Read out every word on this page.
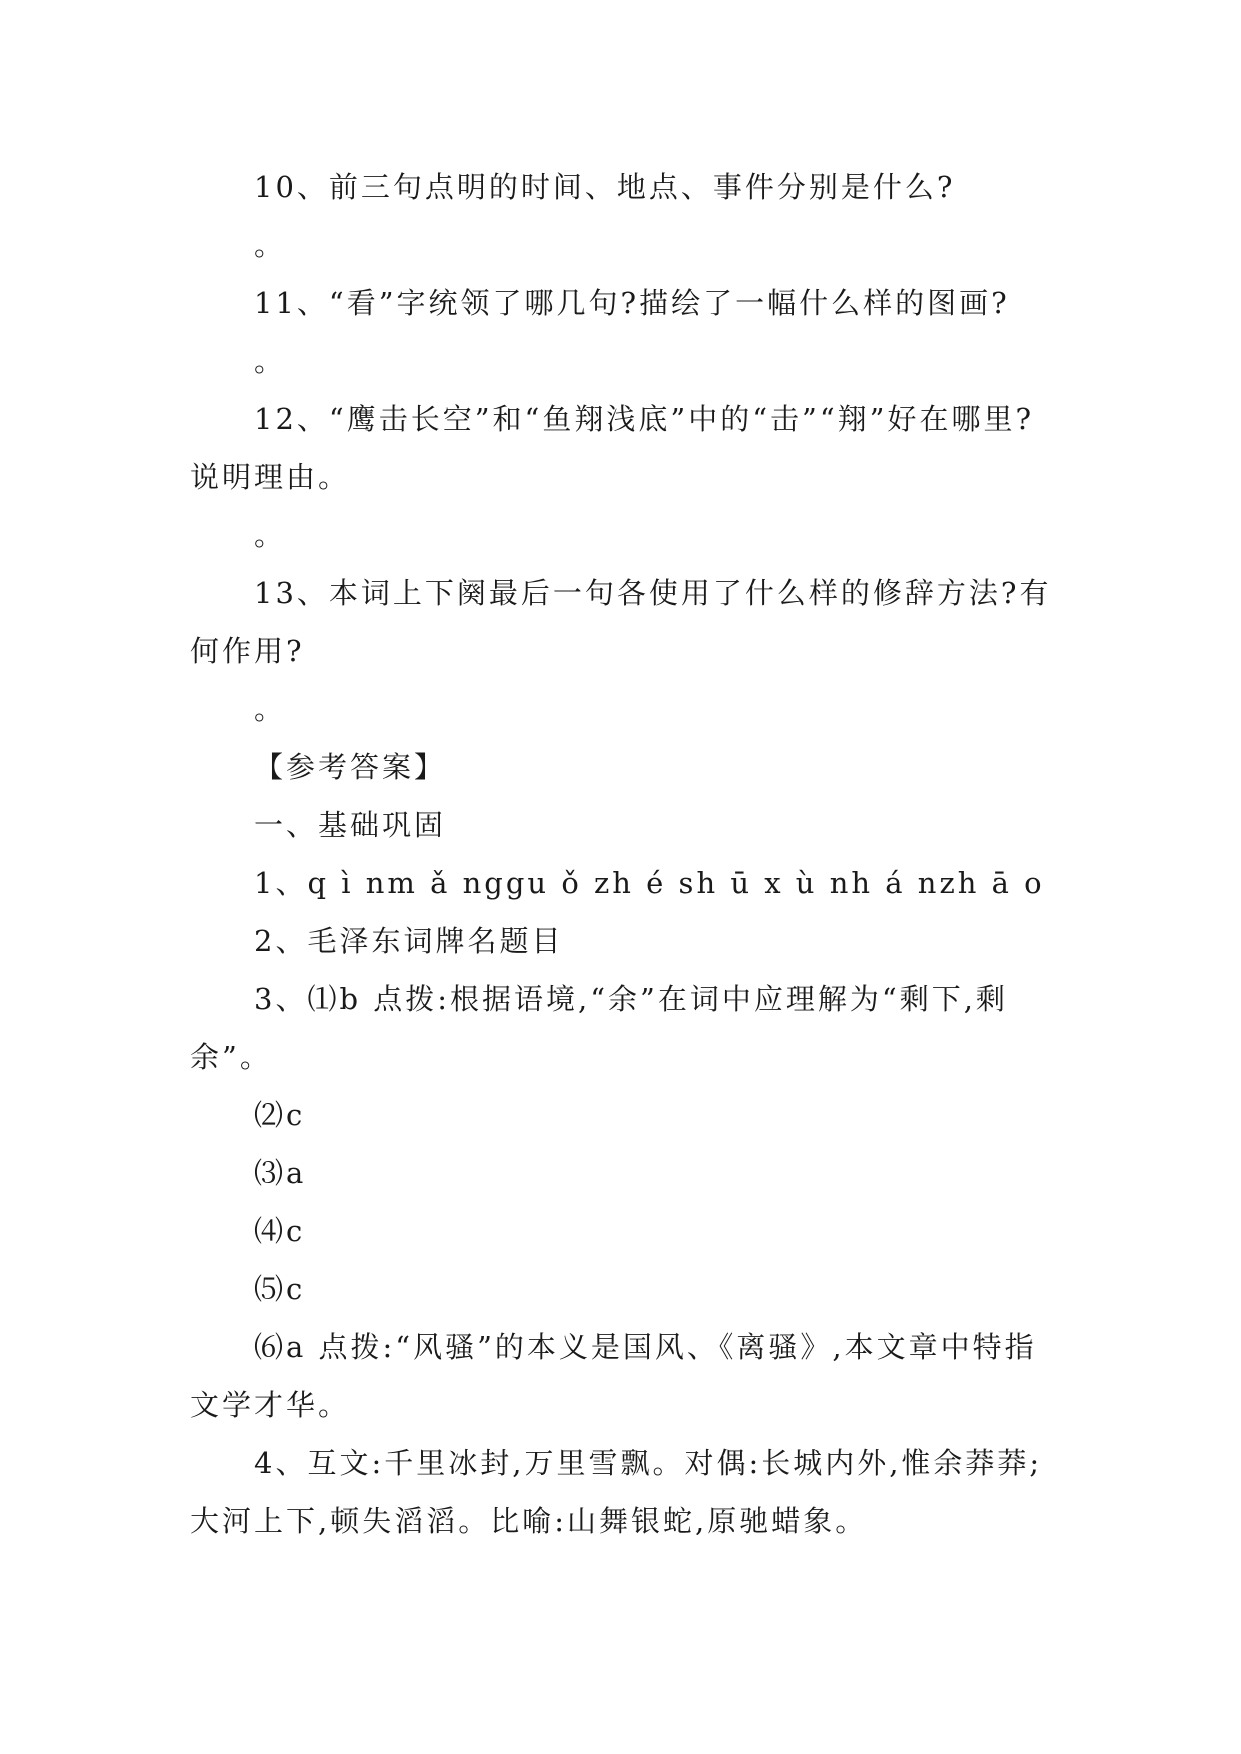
10、前三句点明的时间、地点、事件分别是什么?

。

11、“看”字统领了哪几句?描绘了一幅什么样的图画?

。

12、“鹰击长空”和“鱼翔浅底”中的“击”“翔”好在哪里?说明理由。

。

13、本词上下阕最后一句各使用了什么样的修辞方法?有何作用?

。

【参考答案】

一、基础巩固

1、q ì nm ǎ nggu ǒ zh é sh ū x ù nh á nzh ā o

2、毛泽东词牌名题目

3、⑴b 点拨:根据语境,“余”在词中应理解为“剩下,剩余”。

⑵c

⑶a

⑷c

⑸c

⑹a 点拨:“风骚”的本义是国风、《离骚》,本文章中特指文学才华。

4、互文:千里冰封,万里雪飘。对偶:长城内外,惟余莽莽;大河上下,顿失滔滔。比喻:山舞银蛇,原驰蜡象。
